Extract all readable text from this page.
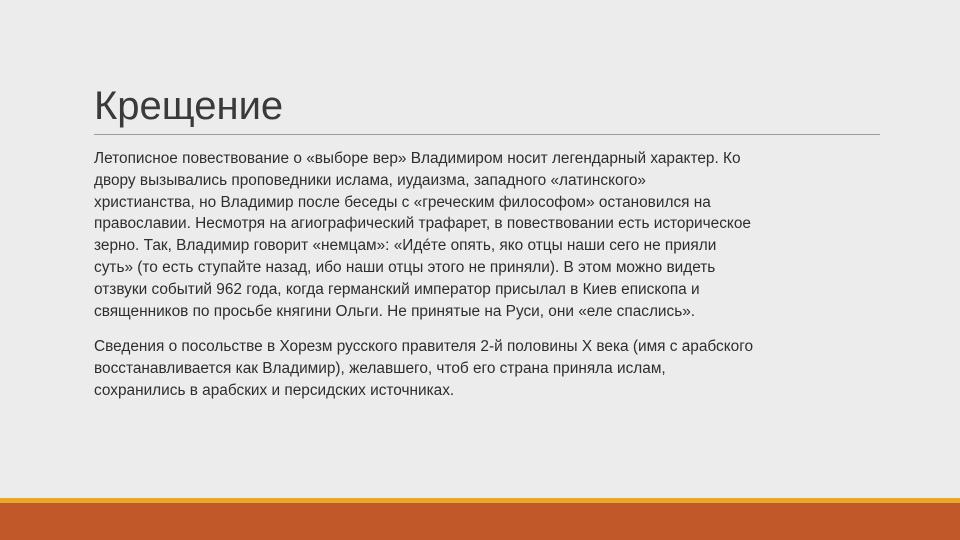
Крещение

Летописное повествование о «выборе вер» Владимиром носит легендарный характер. Ко
двору вызывались проповедники ислама, иудаизма, западного «латинского»
христианства, но Владимир после беседы с «греческим философом» остановился на
православии. Несмотря на агиографический трафарет, в повествовании есть историческое
зерно. Так, Владимир говорит «немцам»: «Идéте опять, яко отцы наши сего не прияли
суть» (то есть ступайте назад, ибо наши отцы этого не приняли). В этом можно видеть
отзвуки событий 962 года, когда германский император присылал в Киев епископа и
священников по просьбе княгини Ольги. Не принятые на Руси, они «еле спаслись».

Сведения о посольстве в Хорезм русского правителя 2-й половины X века (имя с арабского
восстанавливается как Владимир), желавшего, чтоб его страна приняла ислам,
сохранились в арабских и персидских источниках.
